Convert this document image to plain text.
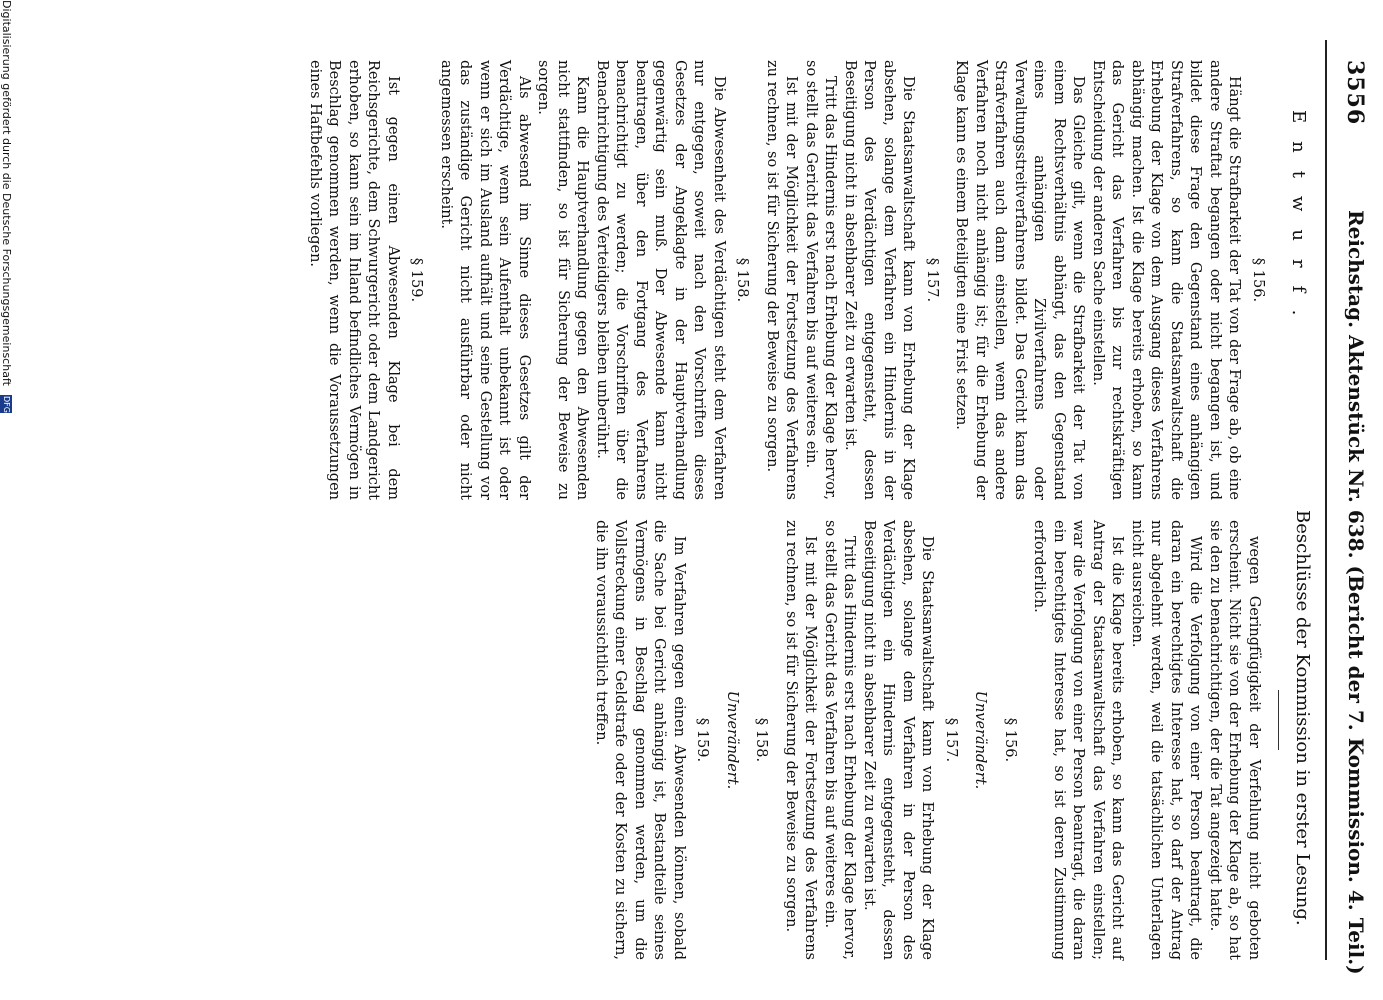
3556
Reichstag. Aktenstück Nr. 638. (Bericht der 7. Kommission. 4. Teil.)
Entwurf.
Beschlüsse der Kommission in erster Lesung.
§ 156.

Hängt die Strafbarkeit der Tat von der Frage ab, ob eine andere Straftat begangen oder nicht begangen ist, und bildet diese Frage den Gegenstand eines anhängigen Strafverfahrens, so kann die Staatsanwaltschaft die Erhebung der Klage von dem Ausgang dieses Verfahrens abhängig machen. Ist die Klage bereits erhoben, so kann das Gericht das Verfahren bis zur rechtskräftigen Entscheidung der anderen Sache einstellen.

Das Gleiche gilt, wenn die Strafbarkeit der Tat von einem Rechtsverhältnis abhängt, das den Gegenstand eines anhängigen Zivilverfahrens oder Verwaltungsstreitverfahrens bildet. Das Gericht kann das Strafverfahren auch dann einstellen, wenn das andere Verfahren noch nicht anhängig ist; für die Erhebung der Klage kann es einem Beteiligten eine Frist setzen.

§ 157.

Die Staatsanwaltschaft kann von Erhebung der Klage absehen, solange dem Verfahren ein Hindernis in der Person des Verdächtigen entgegensteht, dessen Beseitigung nicht in absehbarer Zeit zu erwarten ist.

Tritt das Hindernis erst nach Erhebung der Klage hervor, so stellt das Gericht das Verfahren bis auf weiteres ein.

Ist mit der Möglichkeit der Fortsetzung des Verfahrens zu rechnen, so ist für Sicherung der Beweise zu sorgen.

§ 158.

Die Abwesenheit des Verdächtigen steht dem Verfahren nur entgegen, soweit nach den Vorschriften dieses Gesetzes der Angeklagte in der Hauptverhandlung gegenwärtig sein muß. Der Abwesende kann nicht beantragen, über den Fortgang des Verfahrens benachrichtigt zu werden; die Vorschriften über die Benachrichtigung des Verteidigers bleiben unberührt.

Kann die Hauptverhandlung gegen den Abwesenden nicht stattfinden, so ist für Sicherung der Beweise zu sorgen.

Als abwesend im Sinne dieses Gesetzes gilt der Verdächtige, wenn sein Aufenthalt unbekannt ist oder wenn er sich im Ausland aufhält und seine Gestellung vor das zuständige Gericht nicht ausführbar oder nicht angemessen erscheint.

§ 159.

Ist gegen einen Abwesenden Klage bei dem Reichsgerichte, dem Schwurgericht oder dem Landgericht erhoben, so kann sein im Inland befindliches Vermögen in Beschlag genommen werden, wenn die Voraussetzungen eines Haftbefehls vorliegen.

wegen Geringfügigkeit der Verfehlung nicht geboten erscheint. Nicht sie von der Erhebung der Klage ab, so hat sie den zu benachrichtigen, der die Tat angezeigt hatte.

Wird die Verfolgung von einer Person beantragt, die daran ein berechtigtes Interesse hat, so darf der Antrag nur abgelehnt werden, weil die tatsächlichen Unterlagen nicht ausreichen.

Ist die Klage bereits erhoben, so kann das Gericht auf Antrag der Staatsanwaltschaft das Verfahren einstellen; war die Verfolgung von einer Person beantragt, die daran ein berechtigtes Interesse hat, so ist deren Zustimmung erforderlich.

§ 156.
Unverändert.
§ 157.

Die Staatsanwaltschaft kann von Erhebung der Klage absehen, solange dem Verfahren in der Person des Verdächtigen ein Hindernis entgegensteht, dessen Beseitigung nicht in absehbarer Zeit zu erwarten ist.

Tritt das Hindernis erst nach Erhebung der Klage hervor, so stellt das Gericht das Verfahren bis auf weiteres ein.

Ist mit der Möglichkeit der Fortsetzung des Verfahrens zu rechnen, so ist für Sicherung der Beweise zu sorgen.

§ 158.
Unverändert.
§ 159.

Im Verfahren gegen einen Abwesenden können, sobald die Sache bei Gericht anhängig ist, Bestandteile seines Vermögens in Beschlag genommen werden, um die Vollstreckung einer Geldstrafe oder der Kosten zu sichern, die ihn voraussichtlich treffen.

Digitalisierung gefördert durch die Deutsche Forschungsgemeinschaft DFG
